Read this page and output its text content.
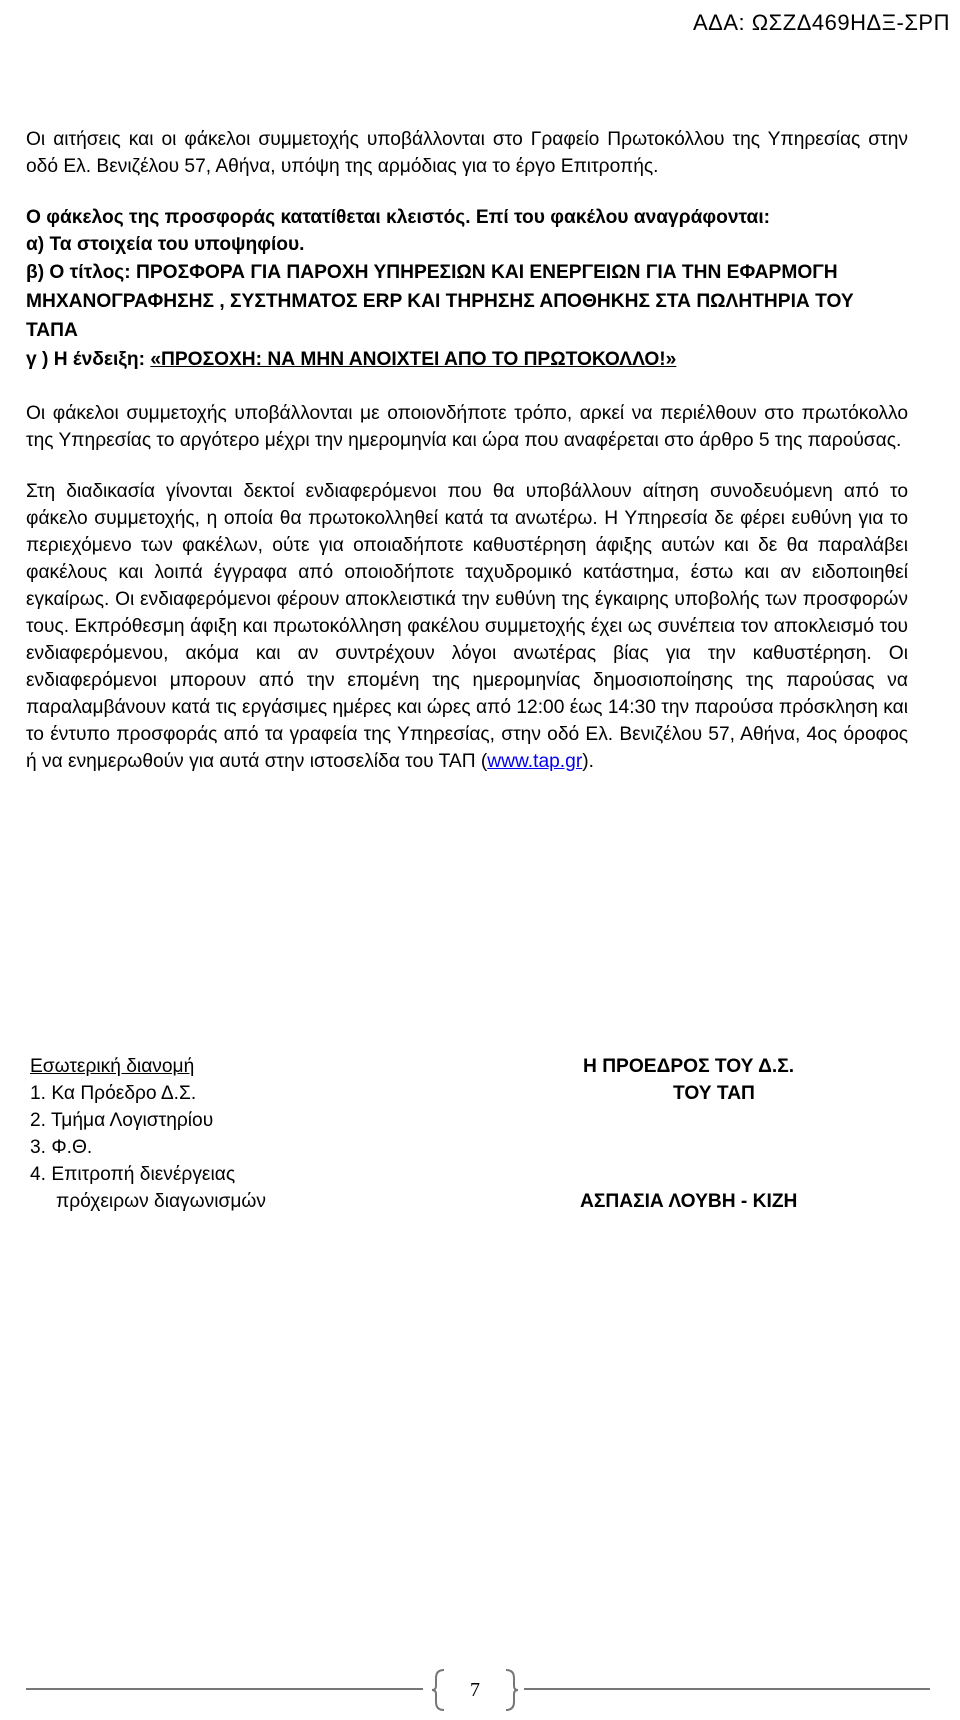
ΑΔΑ: ΩΣΖΔ469ΗΔΞ-ΣΡΠ

Οι αιτήσεις και οι φάκελοι συμμετοχής υποβάλλονται στο Γραφείο Πρωτοκόλλου της Υπηρεσίας στην οδό Ελ. Βενιζέλου 57, Αθήνα, υπόψη της αρμόδιας για το έργο Επιτροπής.

Ο φάκελος της προσφοράς κατατίθεται κλειστός. Επί του φακέλου αναγράφονται:

α) Τα στοιχεία του υποψηφίου.

β) Ο τίτλος: ΠΡΟΣΦΟΡΑ ΓΙΑ ΠΑΡΟΧΗ ΥΠΗΡΕΣΙΩΝ ΚΑΙ ΕΝΕΡΓΕΙΩΝ ΓΙΑ ΤΗΝ ΕΦΑΡΜΟΓΗ ΜΗΧΑΝΟΓΡΑΦΗΣΗΣ , ΣΥΣΤΗΜΑΤΟΣ ERP ΚΑΙ ΤΗΡΗΣΗΣ ΑΠΟΘΗΚΗΣ ΣΤΑ ΠΩΛΗΤΗΡΙΑ ΤΟΥ ΤΑΠΑ

γ ) Η ένδειξη: «ΠΡΟΣΟΧΗ: ΝΑ ΜΗΝ ΑΝΟΙΧΤΕΙ ΑΠΟ ΤΟ ΠΡΩΤΟΚΟΛΛΟ!»

Οι φάκελοι συμμετοχής υποβάλλονται με οποιονδήποτε τρόπο, αρκεί να περιέλθουν στο πρωτόκολλο της Υπηρεσίας το αργότερο μέχρι την ημερομηνία και ώρα που αναφέρεται στο άρθρο 5 της παρούσας.

Στη διαδικασία γίνονται δεκτοί ενδιαφερόμενοι που θα υποβάλλουν αίτηση συνοδευόμενη από το φάκελο συμμετοχής, η οποία θα πρωτοκολληθεί κατά τα ανωτέρω. Η Υπηρεσία δε φέρει ευθύνη για το περιεχόμενο των φακέλων, ούτε για οποιαδήποτε καθυστέρηση άφιξης αυτών και δε θα παραλάβει φακέλους και λοιπά έγγραφα από οποιοδήποτε ταχυδρομικό κατάστημα, έστω και αν ειδοποιηθεί εγκαίρως. Οι ενδιαφερόμενοι φέρουν αποκλειστικά την ευθύνη της έγκαιρης υποβολής των προσφορών τους. Εκπρόθεσμη άφιξη και πρωτοκόλληση φακέλου συμμετοχής έχει ως συνέπεια τον αποκλεισμό του ενδιαφερόμενου, ακόμα και αν συντρέχουν λόγοι ανωτέρας βίας για την καθυστέρηση. Οι ενδιαφερόμενοι μπορουν από την επομένη της ημερομηνίας δημοσιοποίησης της παρούσας να παραλαμβάνουν κατά τις εργάσιμες ημέρες και ώρες από 12:00 έως 14:30 την παρούσα πρόσκληση και το έντυπο προσφοράς από τα γραφεία της Υπηρεσίας, στην οδό Ελ. Βενιζέλου 57, Αθήνα, 4ος όροφος ή να ενημερωθούν για αυτά στην ιστοσελίδα του ΤΑΠ (www.tap.gr).

Εσωτερική διανομή
1. Κα Πρόεδρο Δ.Σ.
2. Τμήμα Λογιστηρίου
3. Φ.Θ.
4. Επιτροπή διενέργειας
πρόχειρων διαγωνισμών
Η ΠΡΟΕΔΡΟΣ ΤΟΥ Δ.Σ.
ΤΟΥ ΤΑΠ
ΑΣΠΑΣΙΑ ΛΟΥΒΗ - ΚΙΖΗ
7
